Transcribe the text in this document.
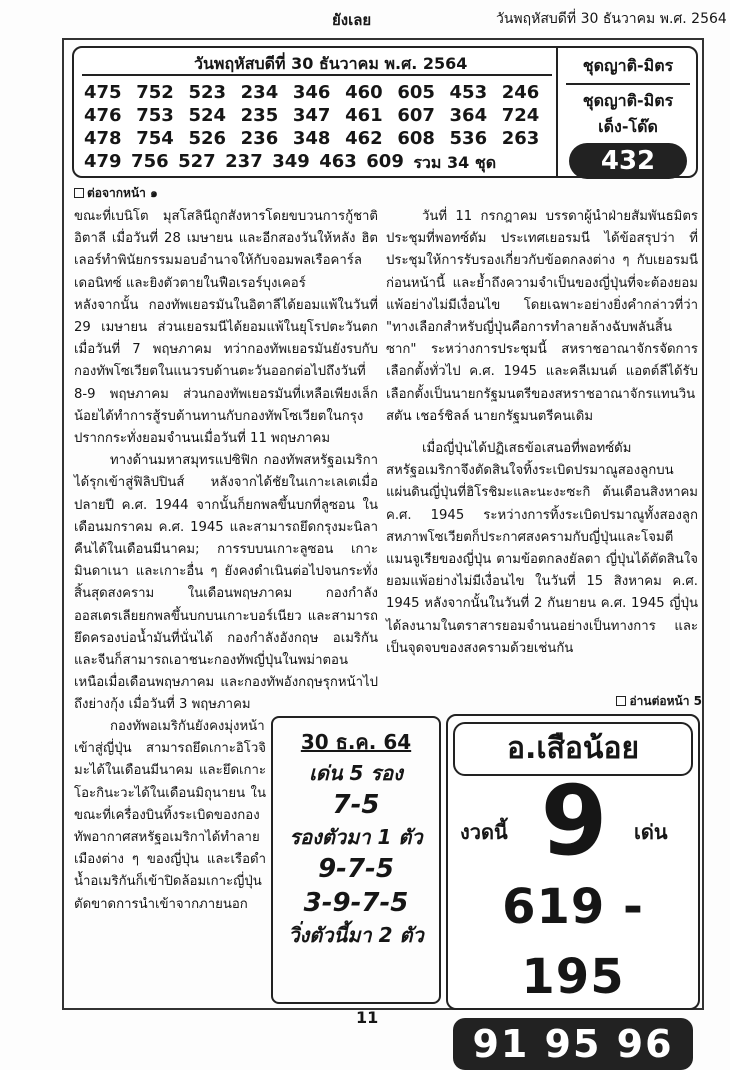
ยังเลย	วันพฤหัสบดีที่ 30 ธันวาคม พ.ศ. 2564
วันพฤหัสบดีที่ 30 ธันวาคม พ.ศ. 2564
475 752 523 234 346 460 605 453 246
476 753 524 235 347 461 607 364 724
478 754 526 236 348 462 608 536 263
479 756 527 237 349 463 609 รวม 34 ชุด
ชุดญาติ-มิตร
ชุดญาติ-มิตร
เด็ง-โด๊ด
432
ต่อจากหน้า ๑

ขณะที่เบนิโต มุสโสลินีถูกสังหารโดยขบวนการกู้ชาติอิตาลี เมื่อวันที่ 28 เมษายน และอีกสองวันให้หลัง ฮิตเลอร์ทำพินัยกรรมมอบอำนาจให้กับจอมพลเรือคาร์ล เดอนิทซ์ และยิงตัวตายในฟือเรอร์บุงเคอร์

หลังจากนั้น กองทัพเยอรมันในอิตาลีได้ยอมแพ้ในวันที่ 29 เมษายน ส่วนเยอรมนีได้ยอมแพ้ในยุโรปตะวันตกเมื่อวันที่ 7 พฤษภาคม ทว่ากองทัพเยอรมันยังรบกับกองทัพโซเวียตในแนวรบด้านตะวันออกต่อไปถึงวันที่ 8-9 พฤษภาคม ส่วนกองทัพเยอรมันที่เหลือเพียงเล็กน้อยได้ทำการสู้รบต้านทานกับกองทัพโซเวียตในกรุงปรากกระทั่งยอมจำนนเมื่อวันที่ 11 พฤษภาคม

ทางด้านมหาสมุทรแปซิฟิก กองทัพสหรัฐอเมริกาได้รุกเข้าสู่ฟิลิปปินส์ หลังจากได้ชัยในเกาะเลเตเมื่อปลายปี ค.ศ. 1944 จากนั้นก็ยกพลขึ้นบกที่ลูซอน ในเดือนมกราคม ค.ศ. 1945 และสามารถยึดกรุงมะนิลาคืนได้ในเดือนมีนาคม; การรบบนเกาะลูซอน เกาะมินดาเนา และเกาะอื่น ๆ ยังคงดำเนินต่อไปจนกระทั่งสิ้นสุดสงคราม ในเดือนพฤษภาคม กองกำลังออสเตรเลียยกพลขึ้นบกบนเกาะบอร์เนียว และสามารถยึดครองบ่อน้ำมันที่นั่นได้ กองกำลังอังกฤษ อเมริกัน และจีนก็สามารถเอาชนะกองทัพญี่ปุ่นในพม่าตอนเหนือเมื่อเดือนพฤษภาคม และกองทัพอังกฤษรุกหน้าไปถึงย่างกุ้ง เมื่อวันที่ 3 พฤษภาคม

กองทัพอเมริกันยังคงมุ่งหน้าเข้าสู่ญี่ปุ่น สามารถยึดเกาะอิโวจิมะได้ในเดือนมีนาคม และยึดเกาะโอะกินะวะได้ในเดือนมิถุนายน ในขณะที่เครื่องบินทิ้งระเบิดของกองทัพอากาศสหรัฐอเมริกาได้ทำลายเมืองต่าง ๆ ของญี่ปุ่น และเรือดำน้ำอเมริกันก็เข้าปิดล้อมเกาะญี่ปุ่นตัดขาดการนำเข้าจากภายนอก

วันที่ 11 กรกฎาคม บรรดาผู้นำฝ่ายสัมพันธมิตรประชุมที่พอทซ์ดัม ประเทศเยอรมนี ได้ข้อสรุปว่า ที่ประชุมให้การรับรองเกี่ยวกับข้อตกลงต่าง ๆ กับเยอรมนีก่อนหน้านี้ และย้ำถึงความจำเป็นของญี่ปุ่นที่จะต้องยอมแพ้อย่างไม่มีเงื่อนไข โดยเฉพาะอย่างยิ่งคำกล่าวที่ว่า "ทางเลือกสำหรับญี่ปุ่นคือการทำลายล้างฉับพลันสิ้นซาก" ระหว่างการประชุมนี้ สหราชอาณาจักรจัดการเลือกตั้งทั่วไป ค.ศ. 1945 และคลีเมนต์ แอตต์ลีได้รับเลือกตั้งเป็นนายกรัฐมนตรีของสหราชอาณาจักรแทนวินสตัน เชอร์ชิลล์ นายกรัฐมนตรีคนเดิม

เมื่อญี่ปุ่นได้ปฏิเสธข้อเสนอที่พอทซ์ดัม สหรัฐอเมริกาจึงตัดสินใจทิ้งระเบิดปรมาณูสองลูกบนแผ่นดินญี่ปุ่นที่ฮิโรชิมะและนะงะซะกิ ต้นเดือนสิงหาคม ค.ศ. 1945 ระหว่างการทิ้งระเบิดปรมาณูทั้งสองลูก สหภาพโซเวียตก็ประกาศสงครามกับญี่ปุ่นและโจมตีแมนจูเรียของญี่ปุ่น ตามข้อตกลงยัลตา ญี่ปุ่นได้ตัดสินใจยอมแพ้อย่างไม่มีเงื่อนไข ในวันที่ 15 สิงหาคม ค.ศ. 1945 หลังจากนั้นในวันที่ 2 กันยายน ค.ศ. 1945 ญี่ปุ่นได้ลงนามในตราสารยอมจำนนอย่างเป็นทางการ และเป็นจุดจบของสงครามด้วยเช่นกัน

อ่านต่อหน้า 5
30 ธ.ค. 64
เด่น 5 รอง
7-5
รองตัวมา 1 ตัว
9-7-5
3-9-7-5
วิ่งตัวนี้มา 2 ตัว
อ.เสือน้อย
งวดนี้ 9	เด่น
619 - 195
91 95 96
11
